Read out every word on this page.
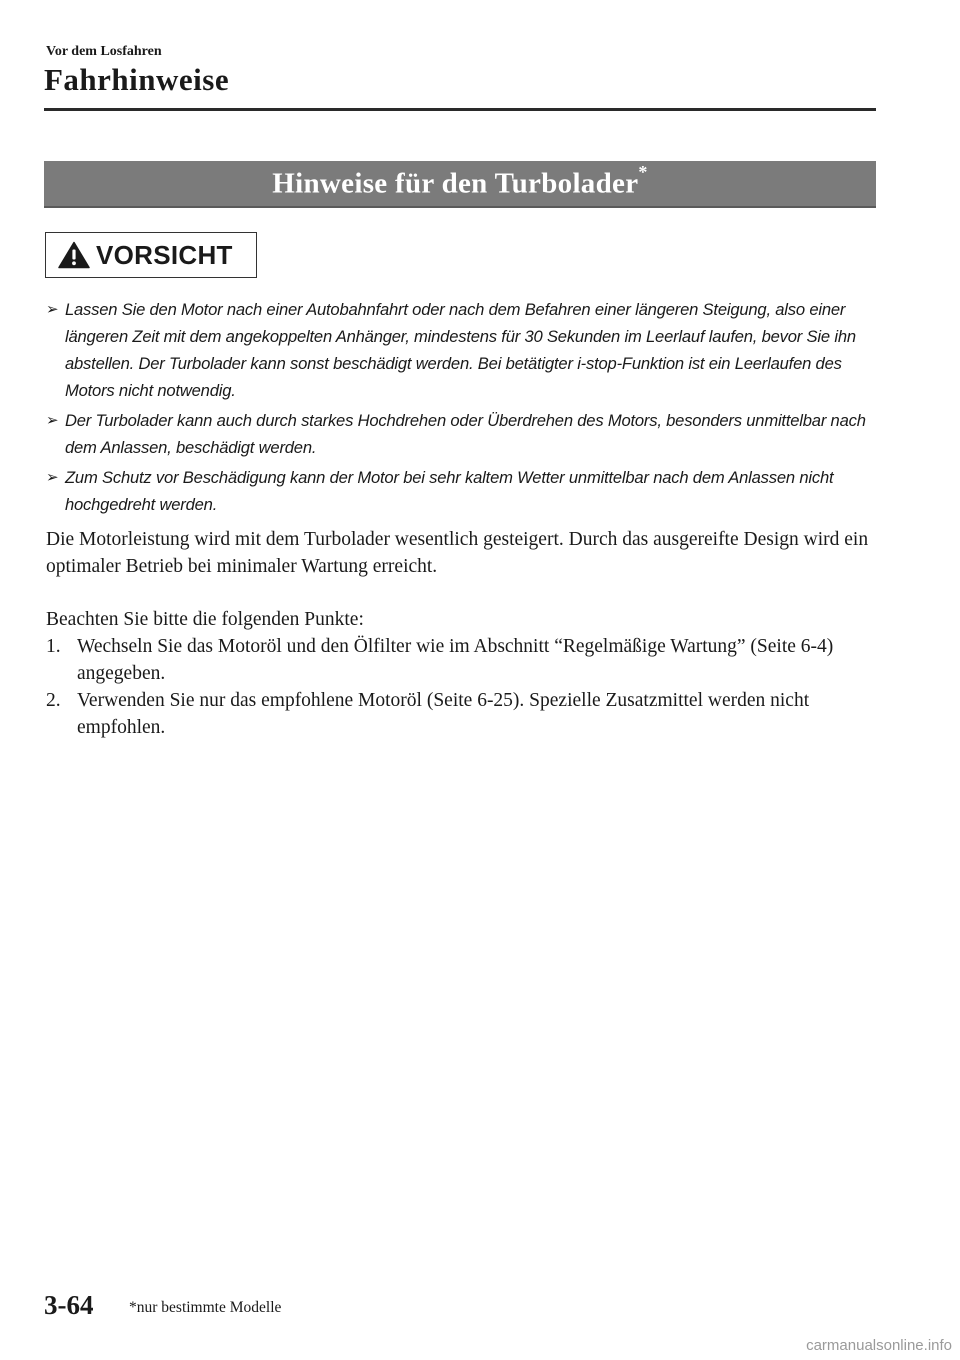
Vor dem Losfahren
Fahrhinweise
Hinweise für den Turbolader*
VORSICHT
➢ Lassen Sie den Motor nach einer Autobahnfahrt oder nach dem Befahren einer längeren Steigung, also einer längeren Zeit mit dem angekoppelten Anhänger, mindestens für 30 Sekunden im Leerlauf laufen, bevor Sie ihn abstellen. Der Turbolader kann sonst beschädigt werden. Bei betätigter i-stop-Funktion ist ein Leerlaufen des Motors nicht notwendig.
➢ Der Turbolader kann auch durch starkes Hochdrehen oder Überdrehen des Motors, besonders unmittelbar nach dem Anlassen, beschädigt werden.
➢ Zum Schutz vor Beschädigung kann der Motor bei sehr kaltem Wetter unmittelbar nach dem Anlassen nicht hochgedreht werden.

Die Motorleistung wird mit dem Turbolader wesentlich gesteigert. Durch das ausgereifte Design wird ein optimaler Betrieb bei minimaler Wartung erreicht.

Beachten Sie bitte die folgenden Punkte:

1. Wechseln Sie das Motoröl und den Ölfilter wie im Abschnitt “Regelmäßige Wartung” (Seite 6-4) angegeben.
2. Verwenden Sie nur das empfohlene Motoröl (Seite 6-25). Spezielle Zusatzmittel werden nicht empfohlen.
3-64 *nur bestimmte Modelle
carmanualsonline.info
